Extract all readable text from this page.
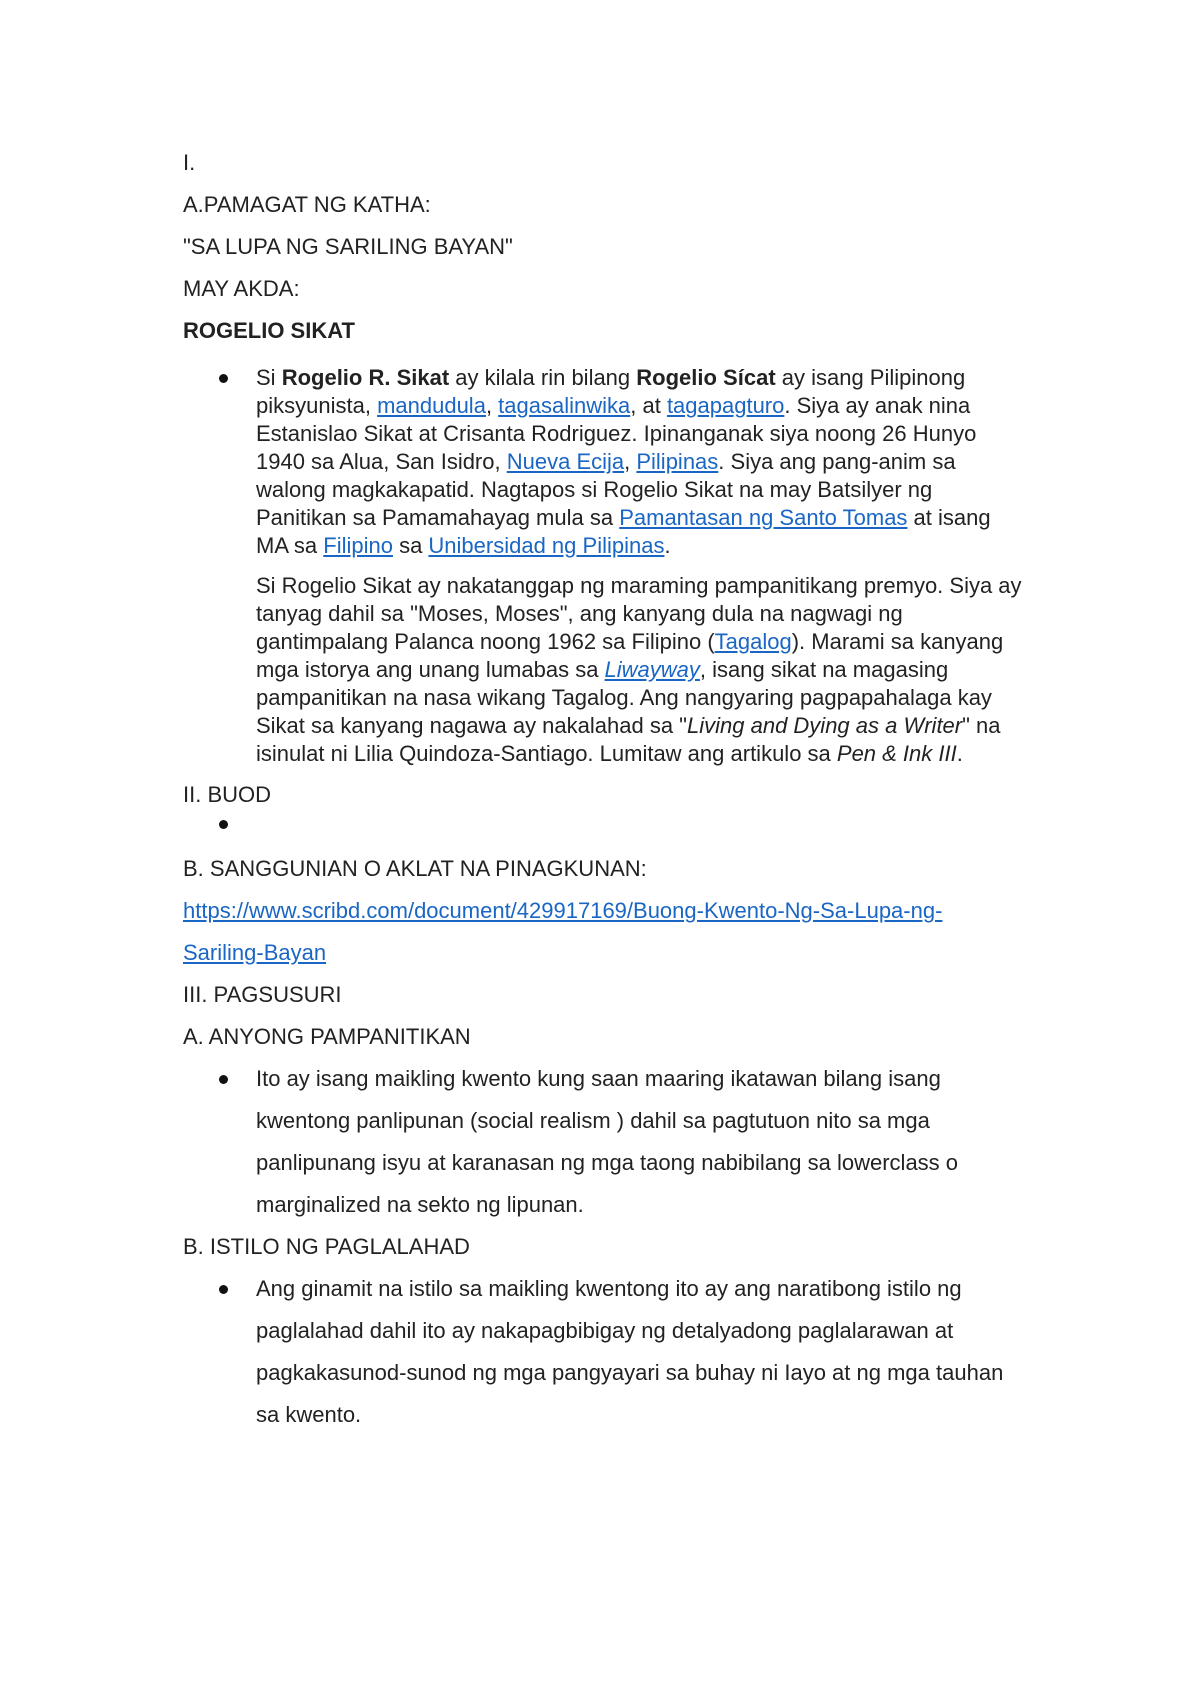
I.
A.PAMAGAT NG KATHA:
"SA LUPA NG SARILING BAYAN"
MAY AKDA:
ROGELIO SIKAT

Si Rogelio R. Sikat ay kilala rin bilang Rogelio Sícat ay isang Pilipinong piksyunista, mandudula, tagasalinwika, at tagapagturo. Siya ay anak nina Estanislao Sikat at Crisanta Rodriguez. Ipinanganak siya noong 26 Hunyo 1940 sa Alua, San Isidro, Nueva Ecija, Pilipinas. Siya ang pang-anim sa walong magkakapatid. Nagtapos si Rogelio Sikat na may Batsilyer ng Panitikan sa Pamamahayag mula sa Pamantasan ng Santo Tomas at isang MA sa Filipino sa Unibersidad ng Pilipinas.

Si Rogelio Sikat ay nakatanggap ng maraming pampanitikang premyo. Siya ay tanyag dahil sa "Moses, Moses", ang kanyang dula na nagwagi ng gantimpalang Palanca noong 1962 sa Filipino (Tagalog). Marami sa kanyang mga istorya ang unang lumabas sa Liwayway, isang sikat na magasing pampanitikan na nasa wikang Tagalog. Ang nangyaring pagpapahalaga kay Sikat sa kanyang nagawa ay nakalahad sa "Living and Dying as a Writer" na isinulat ni Lilia Quindoza-Santiago. Lumitaw ang artikulo sa Pen & Ink III.

II. BUOD
B. SANGGUNIAN O AKLAT NA PINAGKUNAN:
https://www.scribd.com/document/429917169/Buong-Kwento-Ng-Sa-Lupa-ng-
Sariling-Bayan
III. PAGSUSURI
A. ANYONG PAMPANITIKAN

Ito ay isang maikling kwento kung saan maaring ikatawan bilang isang kwentong panlipunan (social realism ) dahil sa pagtutuon nito sa mga panlipunang isyu at karanasan ng mga taong nabibilang sa lowerclass o marginalized na sekto ng lipunan.

B. ISTILO NG PAGLALAHAD

Ang ginamit na istilo sa maikling kwentong ito ay ang naratibong istilo ng paglalahad dahil ito ay nakapagbibigay ng detalyadong paglalarawan at pagkakasunod-sunod ng mga pangyayari sa buhay ni Iayo at ng mga tauhan sa kwento.
